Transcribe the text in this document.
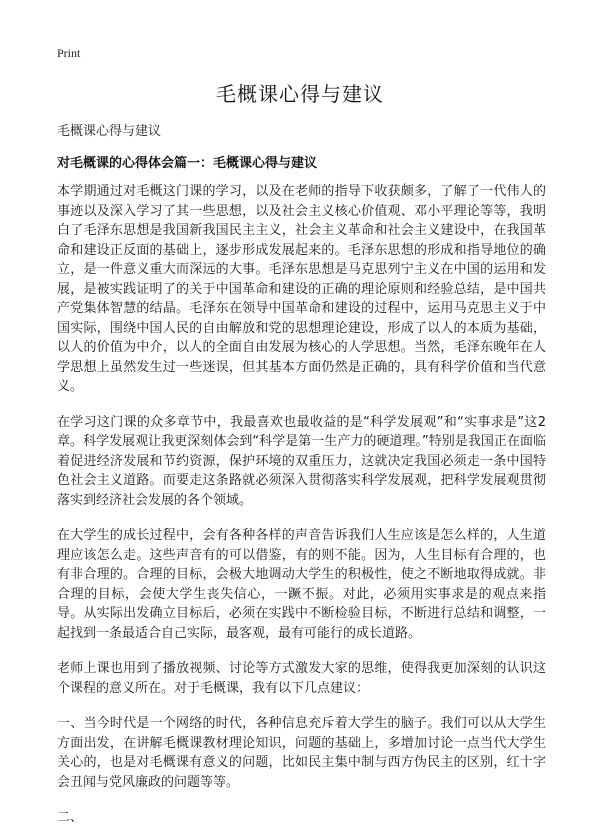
Print
毛概课心得与建议
毛概课心得与建议
对毛概课的心得体会篇一：毛概课心得与建议

本学期通过对毛概这门课的学习，以及在老师的指导下收获颇多，了解了一代伟人的事迹以及深入学习了其一些思想，以及社会主义核心价值观、邓小平理论等等，我明白了毛泽东思想是我国新我国民主主义，社会主义革命和社会主义建设中，在我国革命和建设正反面的基础上，逐步形成发展起来的。毛泽东思想的形成和指导地位的确立，是一件意义重大而深远的大事。毛泽东思想是马克思列宁主义在中国的运用和发展，是被实践证明了的关于中国革命和建设的正确的理论原则和经验总结，是中国共产党集体智慧的结晶。毛泽东在领导中国革命和建设的过程中，运用马克思主义于中国实际，围绕中国人民的自由解放和党的思想理论建设，形成了以人的本质为基础，以人的价值为中介，以人的全面自由发展为核心的人学思想。当然，毛泽东晚年在人学思想上虽然发生过一些迷误，但其基本方面仍然是正确的，具有科学价值和当代意义。

在学习这门课的众多章节中，我最喜欢也最收益的是“科学发展观”和“实事求是”这2章。科学发展观让我更深刻体会到“科学是第一生产力的硬道理。”特别是我国正在面临着促进经济发展和节约资源，保护环境的双重压力，这就决定我国必须走一条中国特色社会主义道路。而要走这条路就必须深入贯彻落实科学发展观，把科学发展观贯彻落实到经济社会发展的各个领域。

在大学生的成长过程中，会有各种各样的声音告诉我们人生应该是怎么样的，人生道理应该怎么走。这些声音有的可以借鉴，有的则不能。因为，人生目标有合理的，也有非合理的。合理的目标，会极大地调动大学生的积极性，使之不断地取得成就。非合理的目标，会使大学生丧失信心，一蹶不振。对此，必须用实事求是的观点来指导。从实际出发确立目标后，必须在实践中不断检验目标，不断进行总结和调整，一起找到一条最适合自己实际，最客观，最有可能行的成长道路。

老师上课也用到了播放视频、讨论等方式激发大家的思维，使得我更加深刻的认识这个课程的意义所在。对于毛概课，我有以下几点建议：

一、当今时代是一个网络的时代，各种信息充斥着大学生的脑子。我们可以从大学生方面出发，在讲解毛概课教材理论知识，问题的基础上，多增加讨论一点当代大学生关心的，也是对毛概课有意义的问题，比如民主集中制与西方伪民主的区别，红十字会丑闻与党风廉政的问题等等。

二、
